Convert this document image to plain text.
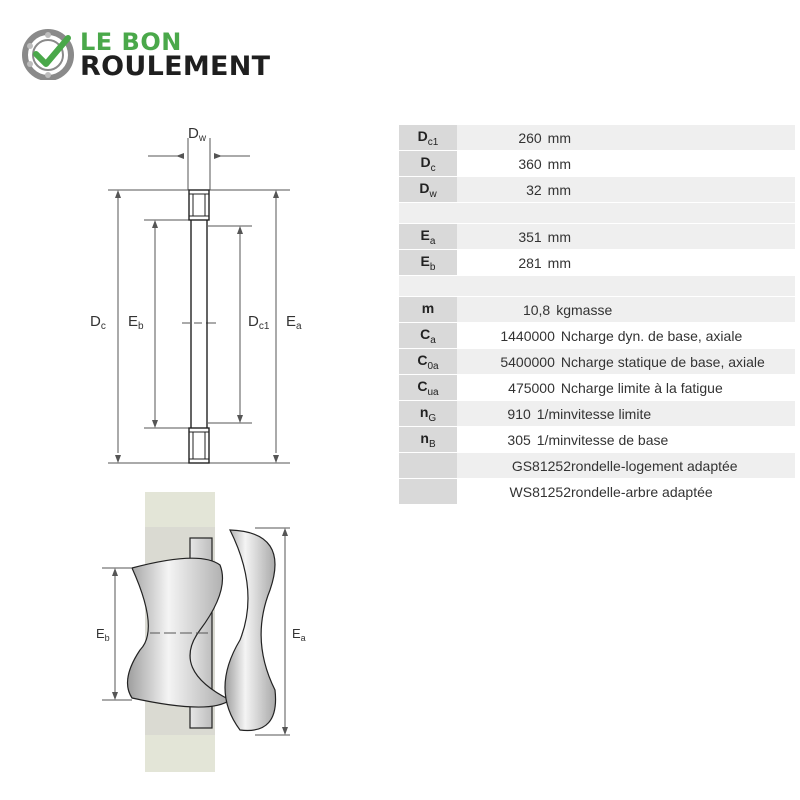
LE BON
ROULEMENT
$D_w$
$D_c$ $E_b$	$D_{c1}$ $E_a$
$E_b$	$E_a$
$D_{c1}$	260 mm	
$D_c$	360 mm	
$D_w$	32 mm	

$E_a$	351 mm	
$E_b$	281 mm	

m	10,8 kg	masse
$C_a$	1440000 N	charge dyn. de base, axiale
$C_{0a}$	5400000 N	charge statique de base, axiale
$C_{ua}$	475000 N	charge limite à la fatigue
$n_G$	910 1/min	vitesse limite
$n_B$	305 1/min	vitesse de base
	GS81252	rondelle-logement adaptée
	WS81252	rondelle-arbre adaptée
